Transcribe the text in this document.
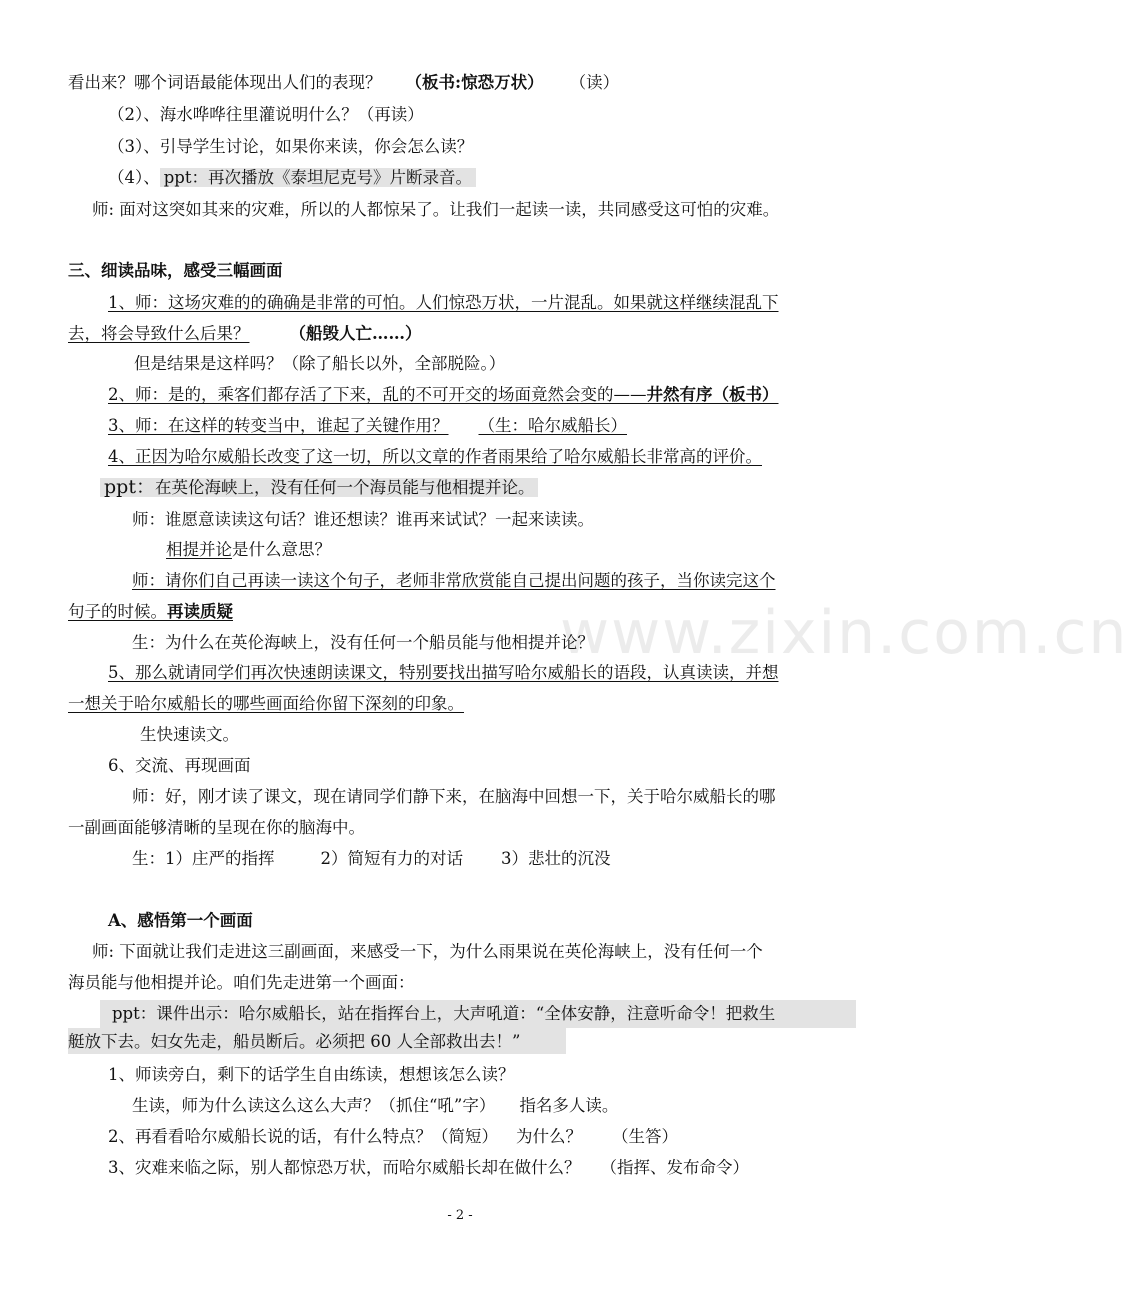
www.zixin.com.cn
看出来？哪个词语最能体现出人们的表现？ （板书:惊恐万状） （读）
（2）、海水哗哗往里灌说明什么？（再读）
（3）、引导学生讨论，如果你来读，你会怎么读？
（4）、 ppt：再次播放《泰坦尼克号》片断录音。
师: 面对这突如其来的灾难，所以的人都惊呆了。让我们一起读一读，共同感受这可怕的灾难。
三、细读品味，感受三幅画面
1、师：这场灾难的的确确是非常的可怕。人们惊恐万状，一片混乱。如果就这样继续混乱下
去，将会导致什么后果？ （船毁人亡……）
但是结果是这样吗？（除了船长以外，全部脱险。）
2、师：是的，乘客们都存活了下来，乱的不可开交的场面竟然会变的——井然有序（板书）
3、师：在这样的转变当中，谁起了关键作用？ （生：哈尔威船长）
4、正因为哈尔威船长改变了这一切，所以文章的作者雨果给了哈尔威船长非常高的评价。
ppt：在英伦海峡上，没有任何一个海员能与他相提并论。
师：谁愿意读读这句话？谁还想读？谁再来试试？一起来读读。
相提并论是什么意思？
师：请你们自己再读一读这个句子，老师非常欣赏能自己提出问题的孩子，当你读完这个
句子的时候。再读质疑
生：为什么在英伦海峡上，没有任何一个船员能与他相提并论？
5、那么就请同学们再次快速朗读课文，特别要找出描写哈尔威船长的语段，认真读读，并想
一想关于哈尔威船长的哪些画面给你留下深刻的印象。
生快速读文。
6、交流、再现画面
师：好，刚才读了课文，现在请同学们静下来，在脑海中回想一下，关于哈尔威船长的哪
一副画面能够清晰的呈现在你的脑海中。
生：1）庄严的指挥	2）简短有力的对话 3）悲壮的沉没
A、感悟第一个画面
师: 下面就让我们走进这三副画面，来感受一下，为什么雨果说在英伦海峡上，没有任何一个
海员能与他相提并论。咱们先走进第一个画面：
ppt：课件出示：哈尔威船长，站在指挥台上，大声吼道：“全体安静，注意听命令！把救生
艇放下去。妇女先走，船员断后。必须把 60 人全部救出去！”
1、师读旁白，剩下的话学生自由练读，想想该怎么读？
生读，师为什么读这么这么大声？（抓住“吼”字） 指名多人读。
2、再看看哈尔威船长说的话，有什么特点？（简短） 为什么？ （生答）
3、灾难来临之际，别人都惊恐万状，而哈尔威船长却在做什么？ （指挥、发布命令）
- 2 -
